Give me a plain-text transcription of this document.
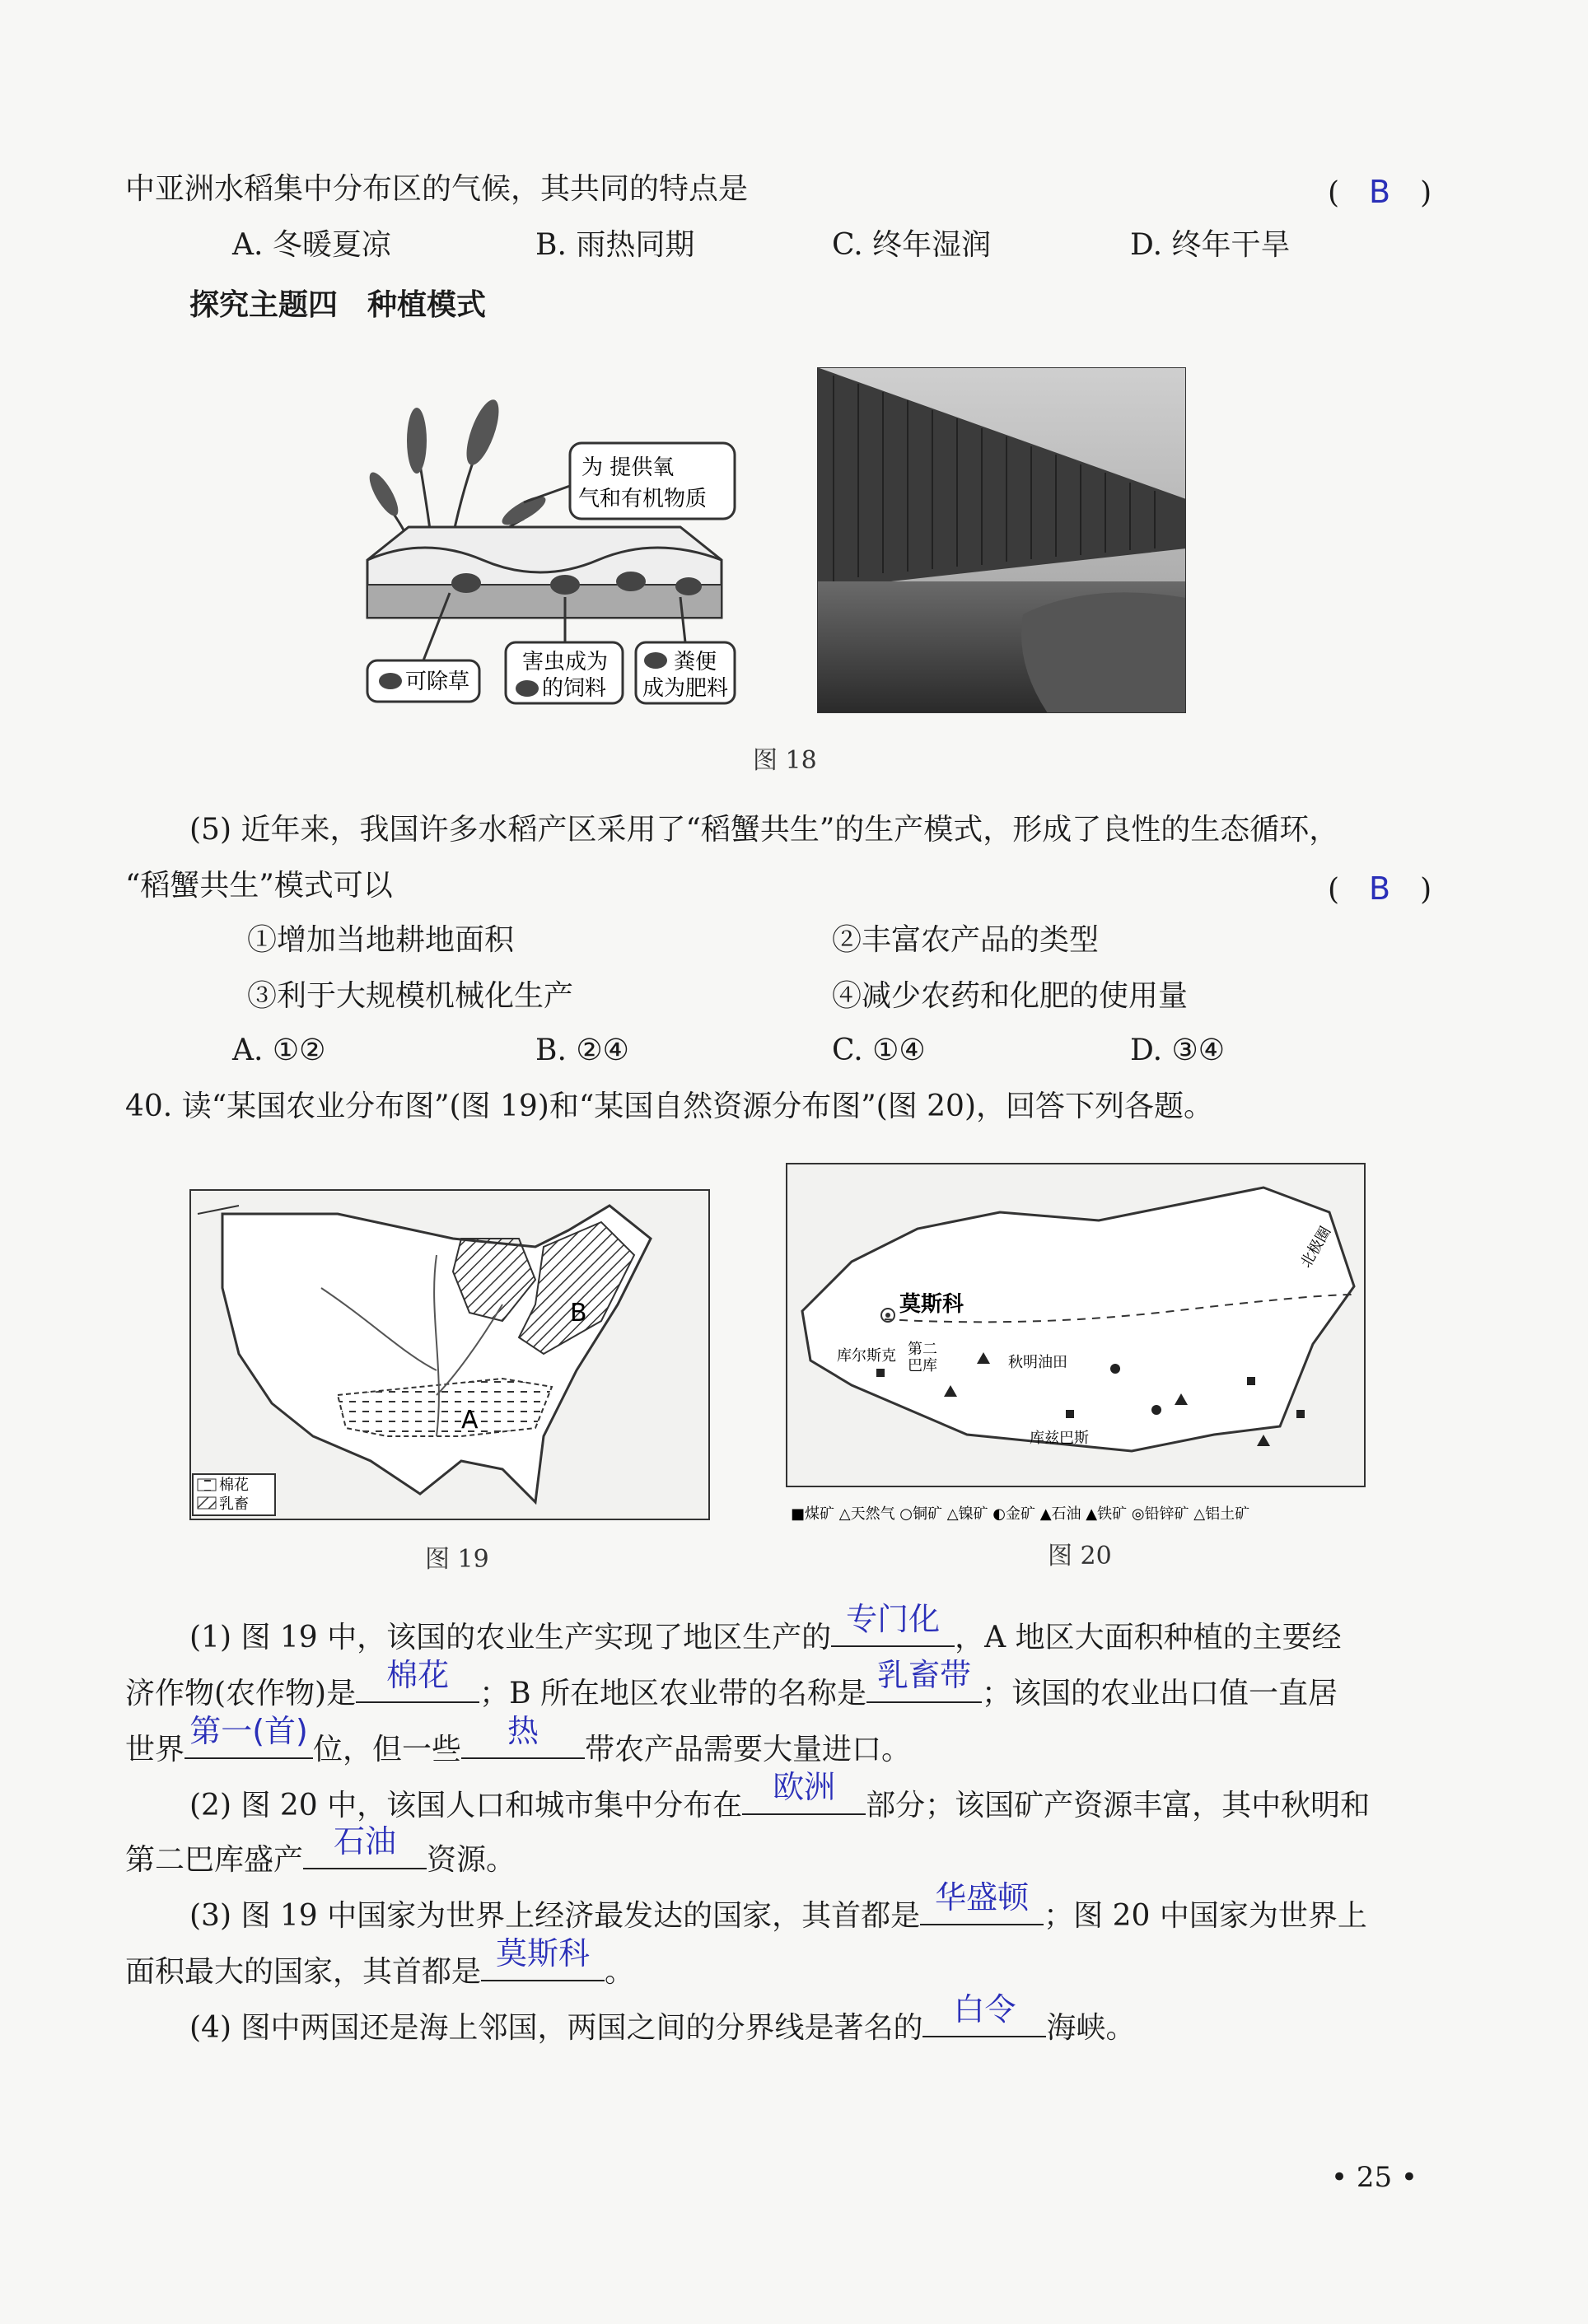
中亚洲水稻集中分布区的气候，其共同的特点是	(　B　)
A. 冬暖夏凉	B. 雨热同期	C. 终年湿润	D. 终年干旱
探究主题四　种植模式
为 提供氧
气和有机物质
可除草
害虫成为
的饲料
粪便
成为肥料
图 18
(5) 近年来，我国许多水稻产区采用了“稻蟹共生”的生产模式，形成了良性的生态循环，
“稻蟹共生”模式可以	(　B　)
①增加当地耕地面积	②丰富农产品的类型
③利于大规模机械化生产	④减少农药和化肥的使用量
A. ①②	B. ②④	C. ①④	D. ③④
40. 读“某国农业分布图”(图 19)和“某国自然资源分布图”(图 20)，回答下列各题。
A
B
棉花
乳畜
图 19
莫斯科
库尔斯克 第二
巴库	秋明油田
库兹巴斯
北极圈
■煤矿 △天然气 ○铜矿 △镍矿 ◐金矿 ▲石油 ▲铁矿 ◎铅锌矿 △铝土矿
图 20
(1) 图 19 中，该国的农业生产实现了地区生产的
专门化
，A 地区大面积种植的主要经
济作物(农作物)是
棉花
；B 所在地区农业带的名称是
乳畜带
；该国的农业出口值一直居
世界
第一(首)
位，但一些
热
带农产品需要大量进口。
(2) 图 20 中，该国人口和城市集中分布在
欧洲
部分；该国矿产资源丰富，其中秋明和
第二巴库盛产
石油
资源。
(3) 图 19 中国家为世界上经济最发达的国家，其首都是
华盛顿
；图 20 中国家为世界上
面积最大的国家，其首都是
莫斯科
。
(4) 图中两国还是海上邻国，两国之间的分界线是著名的
白令
海峡。
• 25 •
